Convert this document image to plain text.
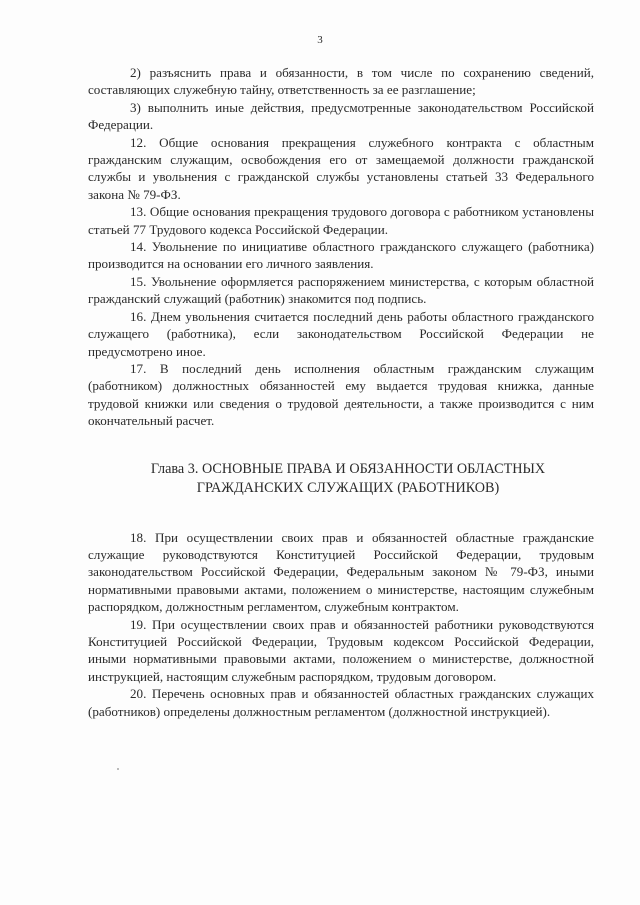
3

2) разъяснить права и обязанности, в том числе по сохранению сведений, составляющих служебную тайну, ответственность за ее разглашение;

3) выполнить иные действия, предусмотренные законодательством Российской Федерации.

12. Общие основания прекращения служебного контракта с областным гражданским служащим, освобождения его от замещаемой должности гражданской службы и увольнения с гражданской службы установлены статьей 33 Федерального закона № 79-ФЗ.

13. Общие основания прекращения трудового договора с работником установлены статьей 77 Трудового кодекса Российской Федерации.

14. Увольнение по инициативе областного гражданского служащего (работника) производится на основании его личного заявления.

15. Увольнение оформляется распоряжением министерства, с которым областной гражданский служащий (работник) знакомится под подпись.

16. Днем увольнения считается последний день работы областного гражданского служащего (работника), если законодательством Российской Федерации не предусмотрено иное.

17. В последний день исполнения областным гражданским служащим (работником) должностных обязанностей ему выдается трудовая книжка, данные трудовой книжки или сведения о трудовой деятельности, а также производится с ним окончательный расчет.

Глава 3. ОСНОВНЫЕ ПРАВА И ОБЯЗАННОСТИ ОБЛАСТНЫХ
ГРАЖДАНСКИХ СЛУЖАЩИХ (РАБОТНИКОВ)

18. При осуществлении своих прав и обязанностей областные гражданские служащие руководствуются Конституцией Российской Федерации, трудовым законодательством Российской Федерации, Федеральным законом № 79-ФЗ, иными нормативными правовыми актами, положением о министерстве, настоящим служебным распорядком, должностным регламентом, служебным контрактом.

19. При осуществлении своих прав и обязанностей работники руководствуются Конституцией Российской Федерации, Трудовым кодексом Российской Федерации, иными нормативными правовыми актами, положением о министерстве, должностной инструкцией, настоящим служебным распорядком, трудовым договором.

20. Перечень основных прав и обязанностей областных гражданских служащих (работников) определены должностным регламентом (должностной инструкцией).
